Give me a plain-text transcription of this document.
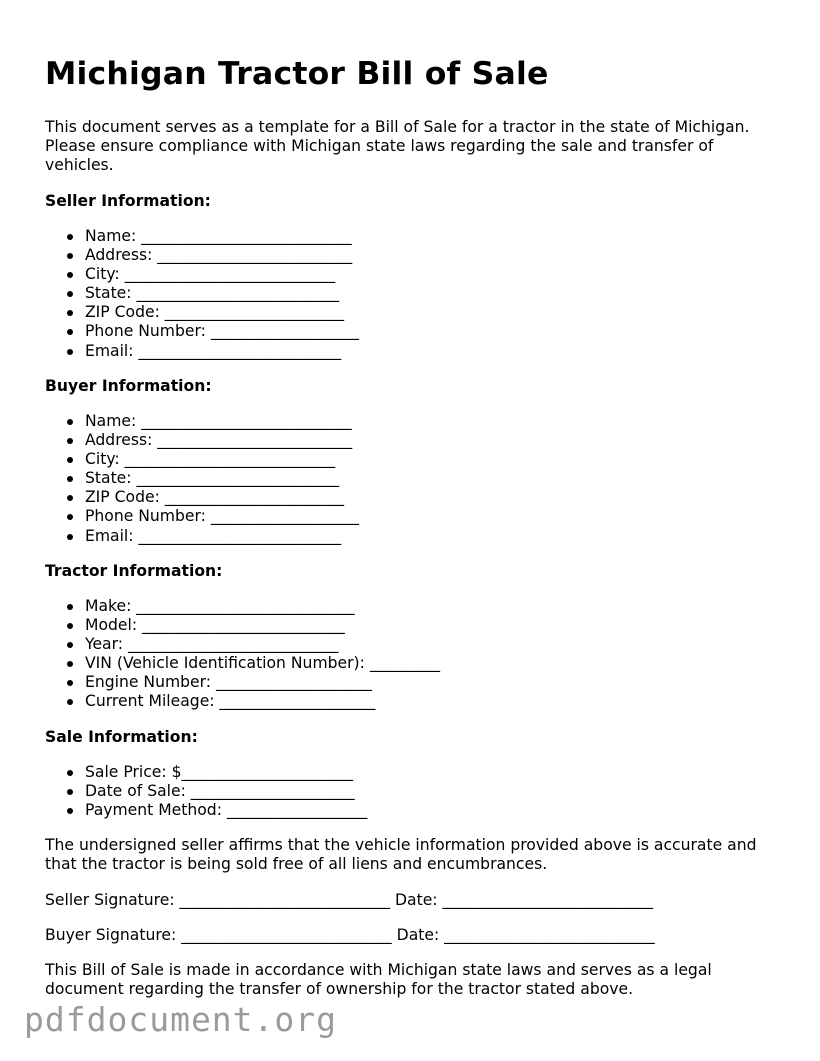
Michigan Tractor Bill of Sale

This document serves as a template for a Bill of Sale for a tractor in the state of Michigan. Please ensure compliance with Michigan state laws regarding the sale and transfer of vehicles.

Seller Information:
Name: ___________________________
Address: _________________________
City: ___________________________
State: __________________________
ZIP Code: _______________________
Phone Number: ___________________
Email: __________________________
Buyer Information:
Name: ___________________________
Address: _________________________
City: ___________________________
State: __________________________
ZIP Code: _______________________
Phone Number: ___________________
Email: __________________________
Tractor Information:
Make: ____________________________
Model: __________________________
Year: ___________________________
VIN (Vehicle Identification Number): _________
Engine Number: ____________________
Current Mileage: ____________________
Sale Information:
Sale Price: $______________________
Date of Sale: _____________________
Payment Method: __________________

The undersigned seller affirms that the vehicle information provided above is accurate and that the tractor is being sold free of all liens and encumbrances.

Seller Signature: ___________________________ Date: ___________________________

Buyer Signature: ___________________________ Date: ___________________________

This Bill of Sale is made in accordance with Michigan state laws and serves as a legal document regarding the transfer of ownership for the tractor stated above.

pdfdocument.org
